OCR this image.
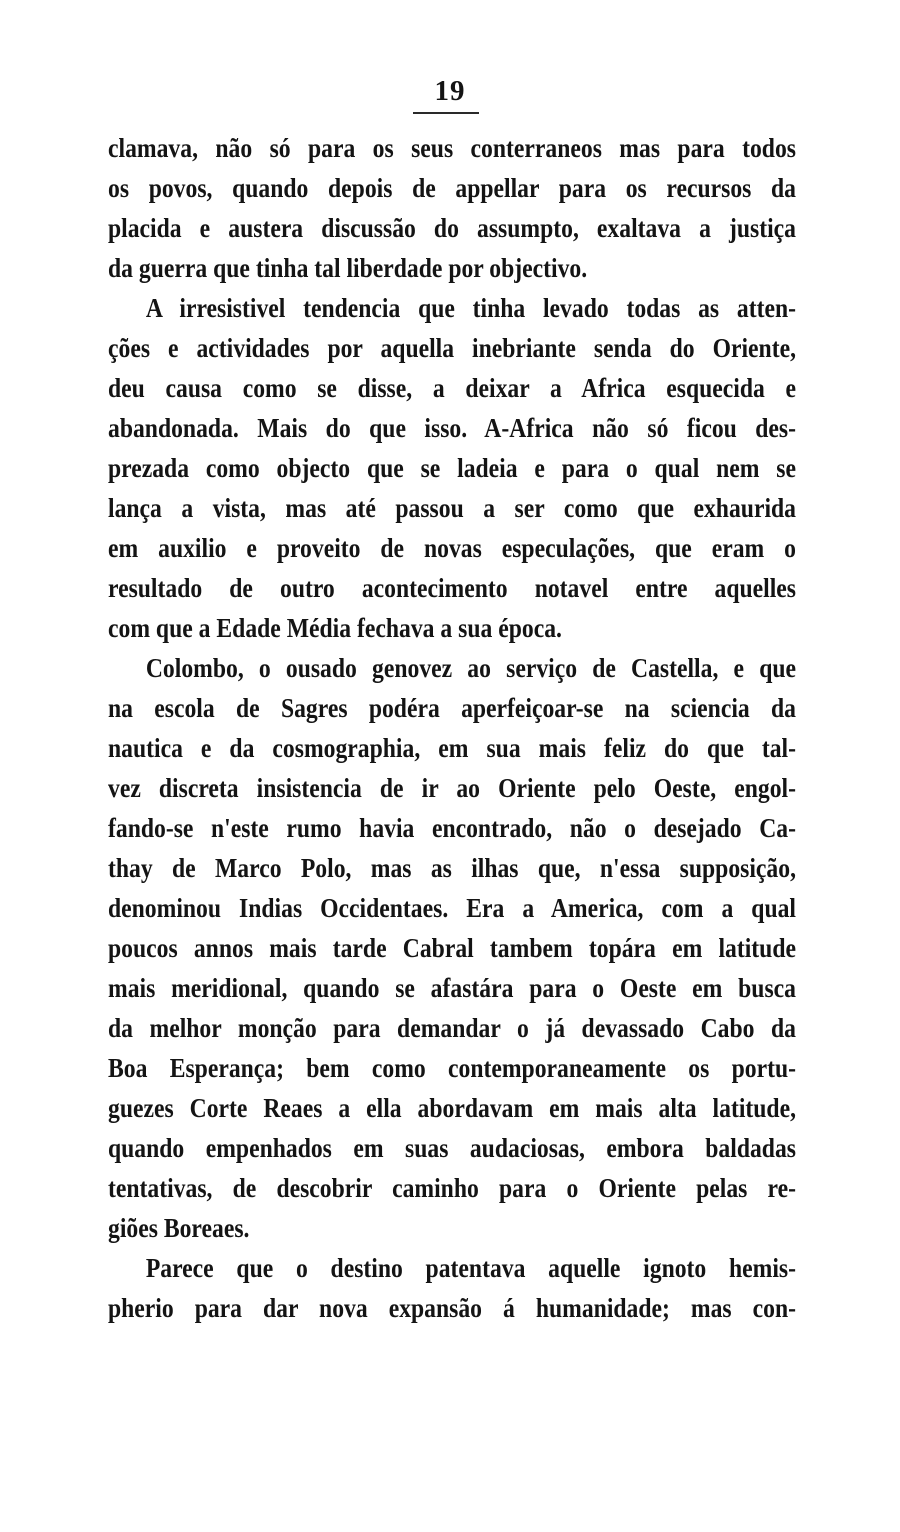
19
clamava, não só para os seus conterraneos mas para todos
os povos, quando depois de appellar para os recursos da
placida e austera discussão do assumpto, exaltava a justiça
da guerra que tinha tal liberdade por objectivo.
A irresistivel tendencia que tinha levado todas as atten-
ções e actividades por aquella inebriante senda do Oriente,
deu causa como se disse, a deixar a Africa esquecida e
abandonada. Mais do que isso. A-Africa não só ficou des-
prezada como objecto que se ladeia e para o qual nem se
lança a vista, mas até passou a ser como que exhaurida
em auxilio e proveito de novas especulações, que eram o
resultado de outro acontecimento notavel entre aquelles
com que a Edade Média fechava a sua época.
Colombo, o ousado genovez ao serviço de Castella, e que
na escola de Sagres podéra aperfeiçoar-se na sciencia da
nautica e da cosmographia, em sua mais feliz do que tal-
vez discreta insistencia de ir ao Oriente pelo Oeste, engol-
fando-se n'este rumo havia encontrado, não o desejado Ca-
thay de Marco Polo, mas as ilhas que, n'essa supposição,
denominou Indias Occidentaes. Era a America, com a qual
poucos annos mais tarde Cabral tambem topára em latitude
mais meridional, quando se afastára para o Oeste em busca
da melhor monção para demandar o já devassado Cabo da
Boa Esperança; bem como contemporaneamente os portu-
guezes Corte Reaes a ella abordavam em mais alta latitude,
quando empenhados em suas audaciosas, embora baldadas
tentativas, de descobrir caminho para o Oriente pelas re-
giões Boreaes.
Parece que o destino patentava aquelle ignoto hemis-
pherio para dar nova expansão á humanidade; mas con-
